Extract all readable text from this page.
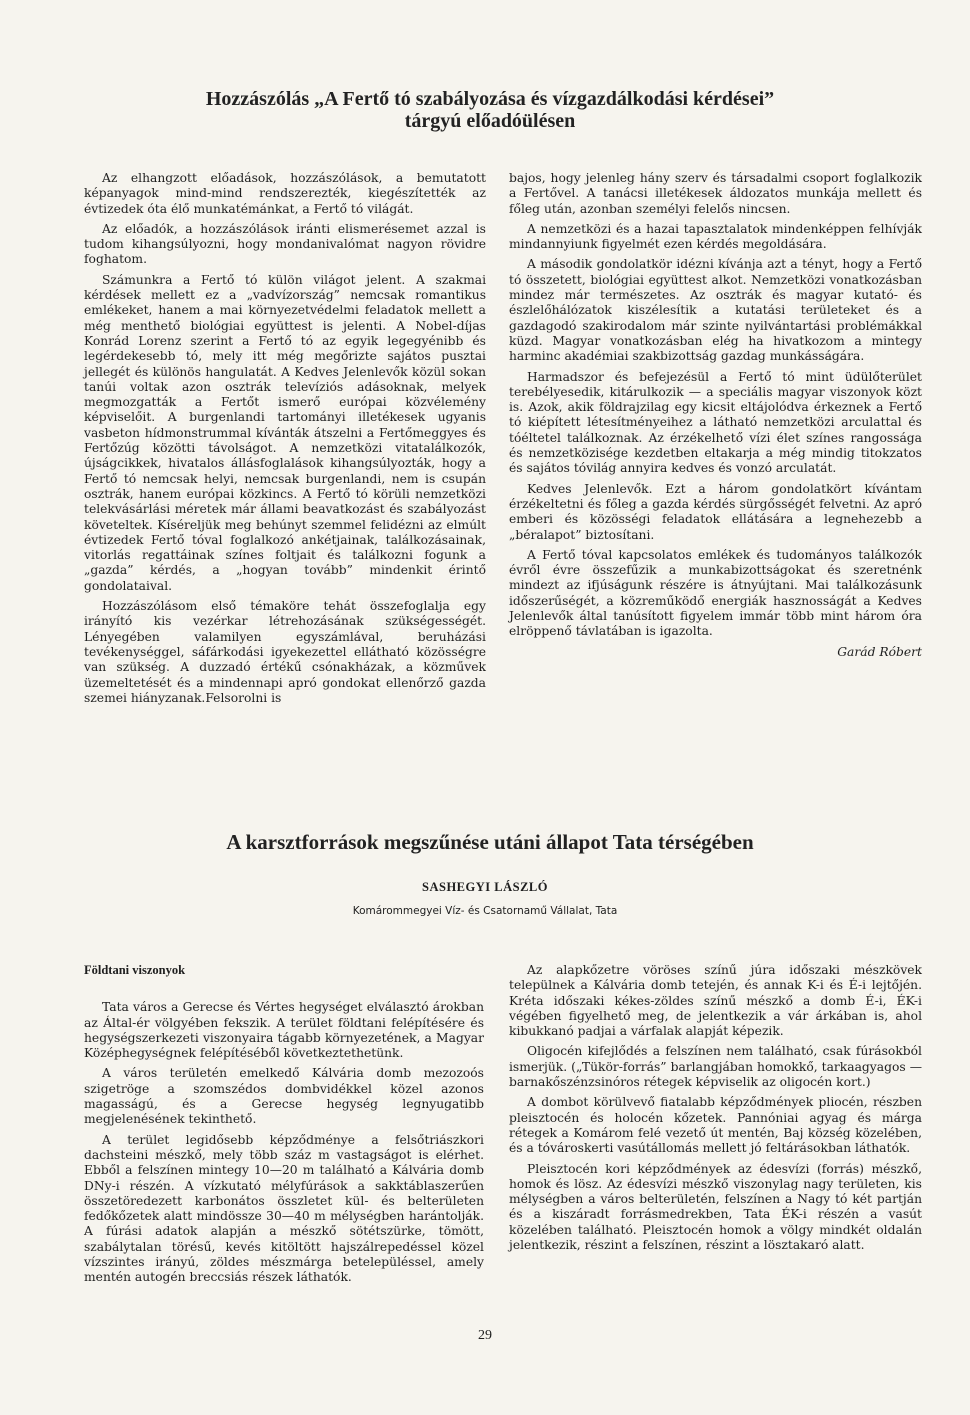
Hozzászólás „A Fertő tó szabályozása és vízgazdálkodási kérdései”
tárgyú előadóülésen

Az elhangzott előadások, hozzászólások, a bemutatott képanyagok mind-mind rendszerezték, kiegészítették az évtizedek óta élő munkatémánkat, a Fertő tó világát.

Az előadók, a hozzászólások iránti elismerésemet azzal is tudom kihangsúlyozni, hogy mondanivalómat nagyon rövidre foghatom.

Számunkra a Fertő tó külön világot jelent. A szakmai kérdések mellett ez a „vadvízország” nemcsak romantikus emlékeket, hanem a mai környezetvédelmi feladatok mellett a még menthető biológiai együttest is jelenti. A Nobel-díjas Konrád Lorenz szerint a Fertő tó az egyik legegyénibb és legérdekesebb tó, mely itt még megőrizte sajátos pusztai jellegét és különös hangulatát. A Kedves Jelenlevők közül sokan tanúi voltak azon osztrák televíziós adásoknak, melyek megmozgatták a Fertőt ismerő európai közvélemény képviselőit. A burgenlandi tartományi illetékesek ugyanis vasbeton hídmonstrummal kívánták átszelni a Fertőmeggyes és Fertőzúg közötti távolságot. A nemzetközi vitatalálkozók, újságcikkek, hivatalos állásfoglalások kihangsúlyozták, hogy a Fertő tó nemcsak helyi, nemcsak burgenlandi, nem is csupán osztrák, hanem európai közkincs. A Fertő tó körüli nemzetközi telekvásárlási méretek már állami beavatkozást és szabályozást követeltek. Kíséreljük meg behúnyt szemmel felidézni az elmúlt évtizedek Fertő tóval foglalkozó ankétjainak, találkozásainak, vitorlás regattáinak színes foltjait és találkozni fogunk a „gazda” kérdés, a „hogyan tovább” mindenkit érintő gondolataival.

Hozzászólásom első témaköre tehát összefoglalja egy irányító kis vezérkar létrehozásának szükségességét. Lényegében valamilyen egyszámlával, beruházási tevékenységgel, sáfárkodási igyekezettel ellátható közösségre van szükség. A duzzadó értékű csónakházak, a közművek üzemeltetését és a mindennapi apró gondokat ellenőrző gazda szemei hiányzanak.Felsorolni is

bajos, hogy jelenleg hány szerv és társadalmi csoport foglalkozik a Fertővel. A tanácsi illetékesek áldozatos munkája mellett és főleg után, azonban személyi felelős nincsen.

A nemzetközi és a hazai tapasztalatok mindenképpen felhívják mindannyiunk figyelmét ezen kérdés megoldására.

A második gondolatkör idézni kívánja azt a tényt, hogy a Fertő tó összetett, biológiai együttest alkot. Nemzetközi vonatkozásban mindez már természetes. Az osztrák és magyar kutató- és észlelőhálózatok kiszélesítik a kutatási területeket és a gazdagodó szakirodalom már szinte nyilvántartási problémákkal küzd. Magyar vonatkozásban elég ha hivatkozom a mintegy harminc akadémiai szakbizottság gazdag munkásságára.

Harmadszor és befejezésül a Fertő tó mint üdülőterület terebélyesedik, kitárulkozik — a speciális magyar viszonyok közt is. Azok, akik földrajzilag egy kicsit eltájolódva érkeznek a Fertő tó kiépített létesítményeihez a látható nemzetközi arculattal és tóéltetel találkoznak. Az érzékelhető vízi élet színes rangossága és nemzetközisége kezdetben eltakarja a még mindig titokzatos és sajátos tóvilág annyira kedves és vonzó arculatát.

Kedves Jelenlevők. Ezt a három gondolatkört kívántam érzékeltetni és főleg a gazda kérdés sürgősségét felvetni. Az apró emberi és közösségi feladatok ellátására a legnehezebb a „béralapot” biztosítani.

A Fertő tóval kapcsolatos emlékek és tudományos találkozók évről évre összefűzik a munkabizottságokat és szeretnénk mindezt az ifjúságunk részére is átnyújtani. Mai találkozásunk időszerűségét, a közreműködő energiák hasznosságát a Kedves Jelenlevők által tanúsított figyelem immár több mint három óra elröppenő távlatában is igazolta.

Garád Róbert
A karsztforrások megszűnése utáni állapot Tata térségében
SASHEGYI LÁSZLÓ
Komárommegyei Víz- és Csatornamű Vállalat, Tata

Földtani viszonyok

Tata város a Gerecse és Vértes hegységet elválasztó árokban az Által-ér völgyében fekszik. A terület földtani felépítésére és hegységszerkezeti viszonyaira tágabb környezetének, a Magyar Középhegységnek felépítéséből következtethetünk.

A város területén emelkedő Kálvária domb mezozoós szigetröge a szomszédos dombvidékkel közel azonos magasságú, és a Gerecse hegység legnyugatibb megjelenésének tekinthető.

A terület legidősebb képződménye a felsőtriászkori dachsteini mészkő, mely több száz m vastagságot is elérhet. Ebből a felszínen mintegy 10—20 m található a Kálvária domb DNy-i részén. A vízkutató mélyfúrások a sakktáblaszerűen összetöredezett karbonátos összletet kül- és belterületen fedőkőzetek alatt mindössze 30—40 m mélységben harántolják. A fúrási adatok alapján a mészkő sötétszürke, tömött, szabálytalan törésű, kevés kitöltött hajszálrepedéssel közel vízszintes irányú, zöldes mészmárga betelepüléssel, amely mentén autogén breccsiás részek láthatók.

Az alapkőzetre vöröses színű júra időszaki mészkövek települnek a Kálvária domb tetején, és annak K-i és É-i lejtőjén. Kréta időszaki kékes-zöldes színű mészkő a domb É-i, ÉK-i végében figyelhető meg, de jelentkezik a vár árkában is, ahol kibukkanó padjai a várfalak alapját képezik.

Oligocén kifejlődés a felszínen nem található, csak fúrásokból ismerjük. („Tükör-forrás” barlangjában homokkő, tarkaagyagos — barnakőszénzsinóros rétegek képviselik az oligocén kort.)

A dombot körülvevő fiatalabb képződmények pliocén, részben pleisztocén és holocén kőzetek. Pannóniai agyag és márga rétegek a Komárom felé vezető út mentén, Baj község közelében, és a tóvároskerti vasútállomás mellett jó feltárásokban láthatók.

Pleisztocén kori képződmények az édesvízi (forrás) mészkő, homok és lösz. Az édesvízi mészkő viszonylag nagy területen, kis mélységben a város belterületén, felszínen a Nagy tó két partján és a kiszáradt forrásmedrekben, Tata ÉK-i részén a vasút közelében található. Pleisztocén homok a völgy mindkét oldalán jelentkezik, részint a felszínen, részint a lösztakaró alatt.

29
